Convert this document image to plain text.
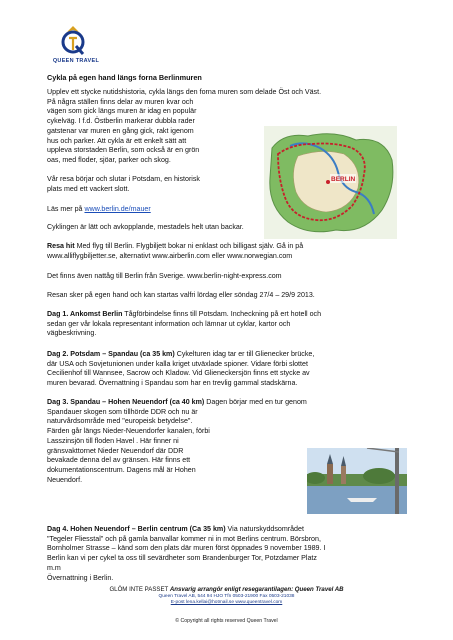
QUEEN TRAVEL
Cykla på egen hand längs forna Berlinmuren

Upplev ett stycke nutidshistoria, cykla längs den forna muren som delade Öst och Väst.

På några ställen finns delar av muren kvar och

vägen som gick längs muren är idag en populär

cykelväg. I f.d. Östberlin markerar dubbla rader

gatstenar var muren en gång gick, rakt igenom

hus och parker. Att cykla är ett enkelt sätt att

uppleva storstaden Berlin, som också är en grön

oas, med floder, sjöar, parker och skog.

Vår resa börjar och slutar i Potsdam, en historisk

plats med ett vackert slott.

Läs mer på www.berlin.de/mauer
BERLIN
Cyklingen är lätt och avkopplande, mestadels helt utan backar.

Resa hit Med flyg till Berlin. Flygbiljett bokar ni enklast och billigast själv. Gå in på

www.alliflygbiljetter.se, alternativt www.airberlin.com eller www.norwegian.com

Det finns även nattåg till Berlin från Sverige. www.berlin-night-express.com
Resan sker på egen hand och kan startas valfri lördag eller söndag 27/4 – 29/9 2013.

Dag 1. Ankomst Berlin Tågförbindelse finns till Potsdam. Incheckning på ert hotell och

sedan ger vår lokala representant information och lämnar ut cyklar, kartor och

vägbeskrivning.

Dag 2. Potsdam – Spandau (ca 35 km) Cykelturen idag tar er till Glienecker brücke,

där USA och Sovjetunionen under kalla kriget utväxlade spioner. Vidare förbi slottet

Cecilienhof till Wannsee, Sacrow och Kladow. Vid Glieneckersjön finns ett stycke av

muren bevarad. Övernattning i Spandau som har en trevlig gammal stadskärna.

Dag 3. Spandau – Hohen Neuendorf (ca 40 km) Dagen börjar med en tur genom

Spandauer skogen som tillhörde DDR och nu är

naturvårdsområde med "europeisk betydelse".

Färden går längs Nieder-Neuendorfer kanalen, förbi

Lasszinsjön till floden Havel . Här finner ni

gränsvakttornet Nieder Neuendorf där DDR

bevakade denna del av gränsen. Här finns ett

dokumentationscentrum. Dagens mål är Hohen

Neuendorf.

Dag 4. Hohen Neuendorf – Berlin centrum (Ca 35 km) Via naturskyddsområdet

"Tegeler Fliesstal" och på gamla banvallar kommer ni in mot Berlins centrum. Börsbron,

Bornholmer Strasse – känd som den plats där muren först öppnades 9 november 1989. I

Berlin kan vi per cykel ta oss till sevärdheter som Brandenburger Tor, Potzdamer Platz

m.m

Övernattning i Berlin.

GLÖM INTE PASSET Ansvarig arrangör enligt resegarantilagen: Queen Travel AB
Queen Travel AB, 544 94 HJO Tfn 0503-21900 Fax 0503-21038
E-post lena.kellai@hotmail.se www.queentravel.com
© Copyright all rights reserved Queen Travel
